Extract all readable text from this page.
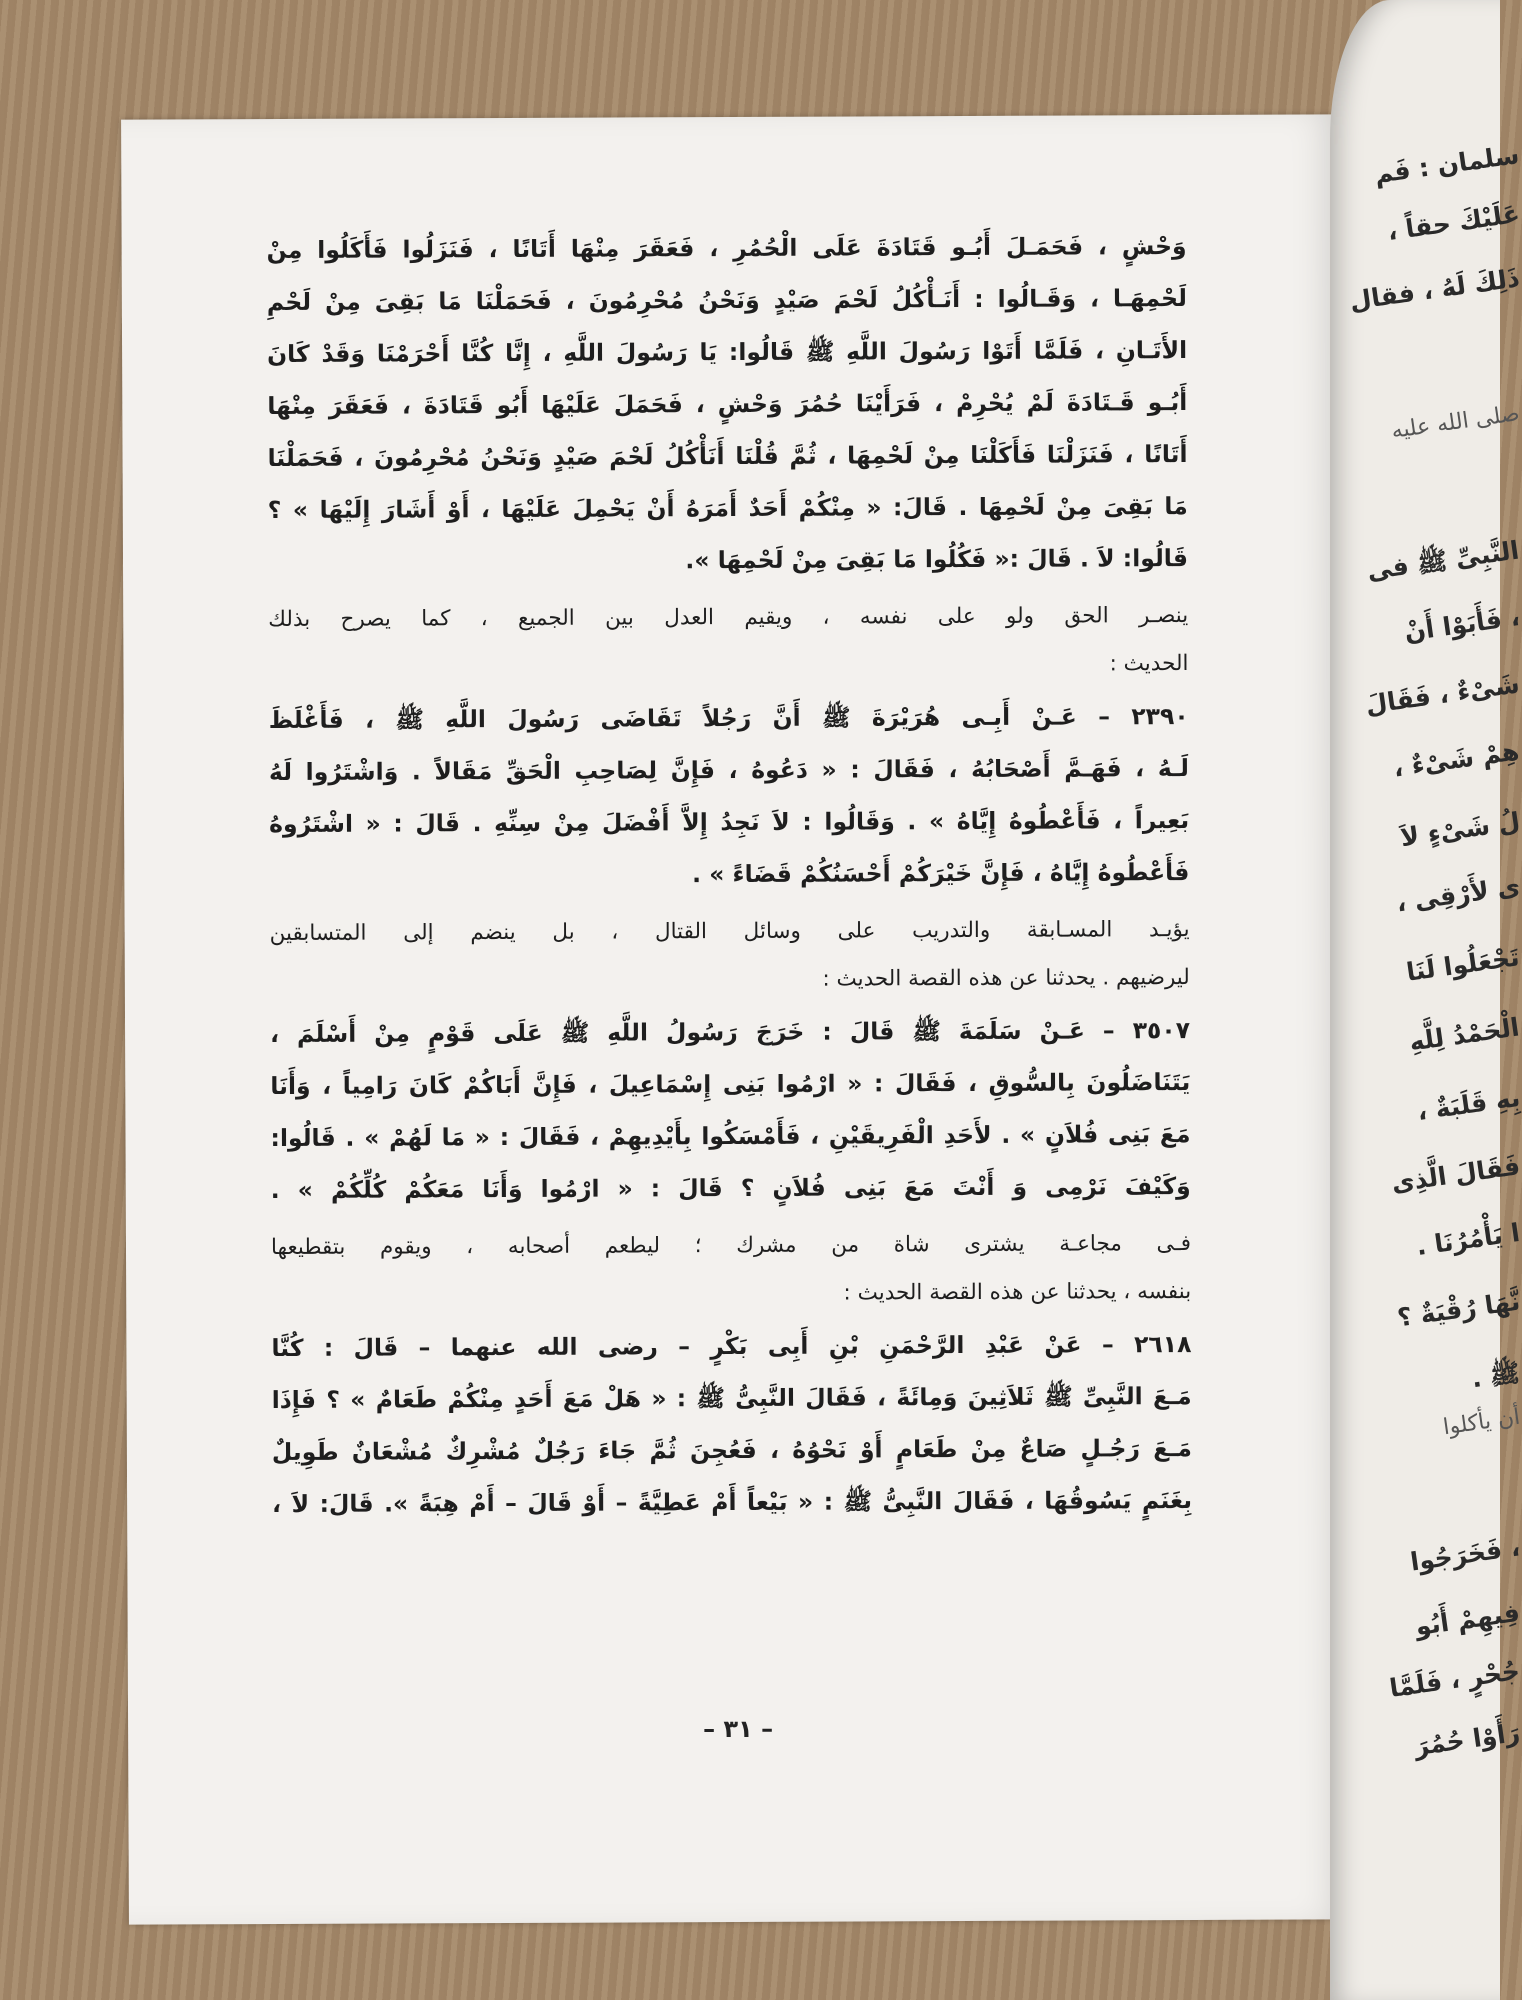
وَحْشٍ ، فَحَمَـلَ أَبُـو قَتَادَةَ عَلَى الْحُمُرِ ، فَعَقَرَ مِنْهَا أَتَانًا ، فَنَزَلُوا فَأَكَلُوا مِنْ
لَحْمِهَـا ، وَقَـالُوا : أَنَـأْكُلُ لَحْمَ صَيْدٍ وَنَحْنُ مُحْرِمُونَ ، فَحَمَلْنَا مَا بَقِىَ مِنْ لَحْمِ
الأَتَـانِ ، فَلَمَّا أَتَوْا رَسُولَ اللَّهِ ﷺ قَالُوا: يَا رَسُولَ اللَّهِ ، إِنَّا كُنَّا أَحْرَمْنَا وَقَدْ كَانَ
أَبُـو قَـتَادَةَ لَمْ يُحْرِمْ ، فَرَأَيْنَا حُمُرَ وَحْشٍ ، فَحَمَلَ عَلَيْهَا أَبُو قَتَادَةَ ، فَعَقَرَ مِنْهَا
أَتَانًا ، فَنَزَلْنَا فَأَكَلْنَا مِنْ لَحْمِهَا ، ثُمَّ قُلْنَا أَنَأْكُلُ لَحْمَ صَيْدٍ وَنَحْنُ مُحْرِمُونَ ، فَحَمَلْنَا
مَا بَقِىَ مِنْ لَحْمِهَا . قَالَ: « مِنْكُمْ أَحَدٌ أَمَرَهُ أَنْ يَحْمِلَ عَلَيْهَا ، أَوْ أَشَارَ إِلَيْهَا » ؟
قَالُوا: لاَ . قَالَ :« فَكُلُوا مَا بَقِىَ مِنْ لَحْمِهَا ».
ينصـر الحق ولو على نفسه ، ويقيم العدل بين الجميع ، كما يصرح بذلك
الحديث :
٢٣٩٠ – عَـنْ أَبِـى هُرَيْرَةَ ﷺ أَنَّ رَجُلاً تَقَاضَى رَسُولَ اللَّهِ ﷺ ، فَأَغْلَظَ
لَـهُ ، فَهَـمَّ أَصْحَابُهُ ، فَقَالَ : « دَعُوهُ ، فَإِنَّ لِصَاحِبِ الْحَقِّ مَقَالاً . وَاشْتَرُوا لَهُ
بَعِيراً ، فَأَعْطُوهُ إِيَّاهُ » . وَقَالُوا : لاَ نَجِدُ إِلاَّ أَفْضَلَ مِنْ سِنِّهِ . قَالَ : « اشْتَرُوهُ
فَأَعْطُوهُ إِيَّاهُ ، فَإِنَّ خَيْرَكُمْ أَحْسَنُكُمْ قَضَاءً » .
يؤيـد المسـابقة والتدريب على وسائل القتال ، بل ينضم إلى المتسابقين
ليرضيهم . يحدثنا عن هذه القصة الحديث :
٣٥٠٧ – عَـنْ سَلَمَةَ ﷺ قَالَ : خَرَجَ رَسُولُ اللَّهِ ﷺ عَلَى قَوْمٍ مِنْ أَسْلَمَ ،
يَتَنَاضَلُونَ بِالسُّوقِ ، فَقَالَ : « ارْمُوا بَنِى إِسْمَاعِيلَ ، فَإِنَّ أَبَاكُمْ كَانَ رَامِياً ، وَأَنَا
مَعَ بَنِى فُلاَنٍ » . لأَحَدِ الْفَرِيقَيْنِ ، فَأَمْسَكُوا بِأَيْدِيهِمْ ، فَقَالَ : « مَا لَهُمْ » . قَالُوا:
وَكَيْفَ نَرْمِى وَ أَنْتَ مَعَ بَنِى فُلاَنٍ ؟ قَالَ : « ارْمُوا وَأَنَا مَعَكُمْ كُلِّكُمْ » .
فـى مجاعـة يشترى شاة من مشرك ؛ ليطعم أصحابه ، ويقوم بتقطيعها
بنفسه ، يحدثنا عن هذه القصة الحديث :
٢٦١٨ – عَنْ عَبْدِ الرَّحْمَنِ بْنِ أَبِى بَكْرٍ – رضى الله عنهما – قَالَ : كُنَّا
مَـعَ النَّبِىِّ ﷺ ثَلاَثِينَ وَمِائَةً ، فَقَالَ النَّبِىُّ ﷺ : « هَلْ مَعَ أَحَدٍ مِنْكُمْ طَعَامٌ » ؟ فَإِذَا
مَـعَ رَجُـلٍ صَاعٌ مِنْ طَعَامٍ أَوْ نَحْوُهُ ، فَعُجِنَ ثُمَّ جَاءَ رَجُلٌ مُشْرِكٌ مُشْعَانٌ طَوِيلٌ
بِغَنَمٍ يَسُوقُهَا ، فَقَالَ النَّبِىُّ ﷺ : « بَيْعاً أَمْ عَطِيَّةً – أَوْ قَالَ – أَمْ هِبَةً ». قَالَ: لاَ ،
– ٣١ –
سلمان : فَم
عَلَيْكَ حقاً ،
ذَلِكَ لَهُ ، فقال
صلى الله عليه
النَّبِىِّ ﷺ فى
، فَأَبَوْا أَنْ
شَىْءٌ ، فَقَالَ
هِمْ شَىْءٌ ،
لُ شَىْءٍ لاَ
ى لأَرْقِى ،
تَجْعَلُوا لَنَا
الْحَمْدُ لِلَّهِ
بِهِ قَلَبَةٌ ،
فَقَالَ الَّذِى
ا يَأْمُرُنَا .
نَّهَا رُقْيَةٌ ؟
ﷺ .
أن يأكلوا
، فَخَرَجُوا
فِيهِمْ أَبُو
جُحْرٍ ، فَلَمَّا
رَأَوْا حُمُرَ
